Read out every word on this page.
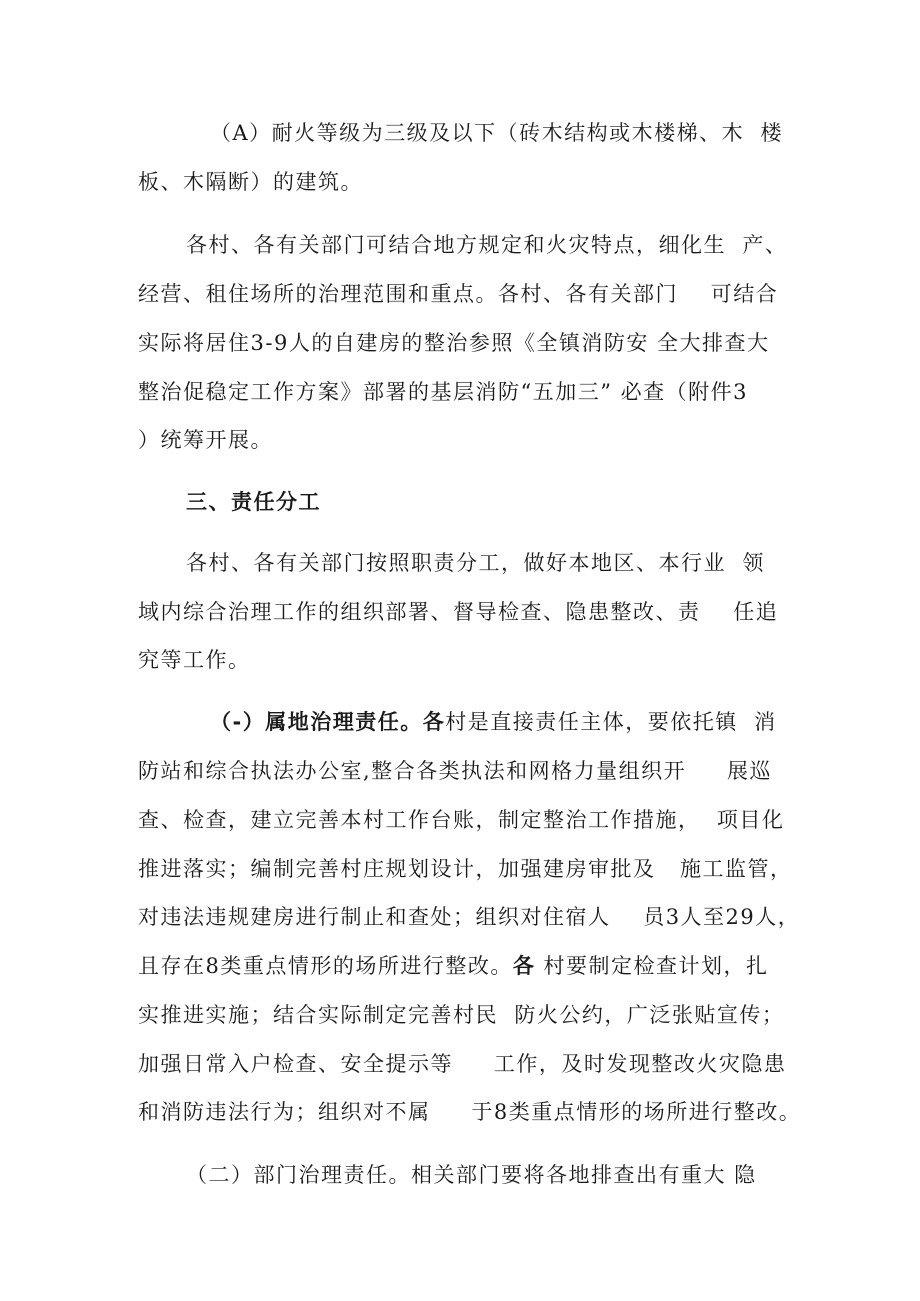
（A）耐火等级为三级及以下（砖木结构或木楼梯、木  楼
板、木隔断）的建筑。
各村、各有关部门可结合地方规定和火灾特点，细化生  产、
经营、租住场所的治理范围和重点。各村、各有关部门    可结合
实际将居住3-9人的自建房的整治参照《全镇消防安 全大排查大
整治促稳定工作方案》部署的基层消防“五加三” 必查（附件3
）统筹开展。
三、责任分工
各村、各有关部门按照职责分工，做好本地区、本行业  领
域内综合治理工作的组织部署、督导检查、隐患整改、责    任追
究等工作。
（-）属地治理责任。各村是直接责任主体，要依托镇  消
防站和综合执法办公室,整合各类执法和网格力量组织开     展巡
查、检查，建立完善本村工作台账，制定整治工作措施，  项目化
推进落实；编制完善村庄规划设计，加强建房审批及   施工监管，
对违法违规建房进行制止和查处；组织对住宿人    员3人至29人，
且存在8类重点情形的场所进行整改。各 村要制定检查计划，扎
实推进实施；结合实际制定完善村民  防火公约，广泛张贴宣传；
加强日常入户检查、安全提示等     工作，及时发现整改火灾隐患
和消防违法行为；组织对不属     于8类重点情形的场所进行整改。
（二）部门治理责任。相关部门要将各地排查出有重大 隐
